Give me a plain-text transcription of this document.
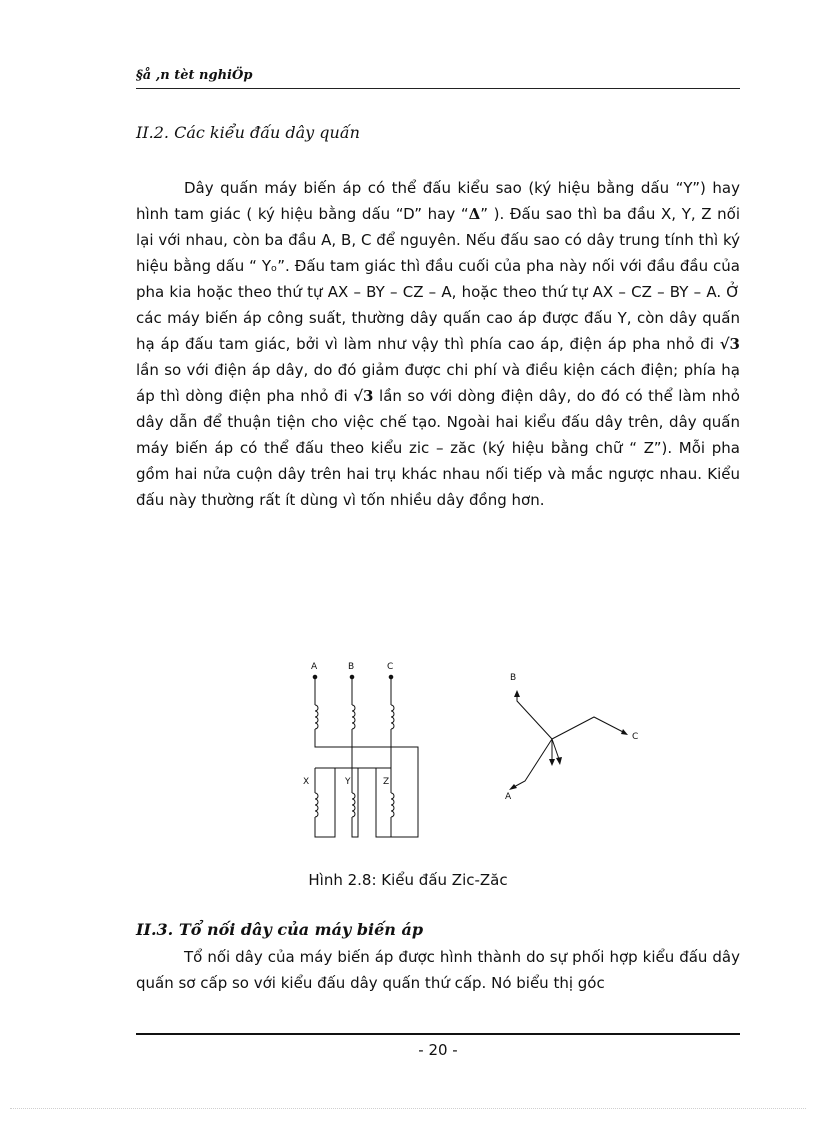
§å ,n tèt nghiÖp
II.2. Các kiểu đấu dây quấn

Dây quấn máy biến áp có thể đấu kiểu sao (ký hiệu bằng dấu “Y”) hay hình tam giác ( ký hiệu bằng dấu “D” hay “Δ” ). Đấu sao thì ba đầu X, Y, Z nối lại với nhau, còn ba đầu A, B, C để nguyên. Nếu đấu sao có dây trung tính thì ký hiệu bằng dấu “ Yₒ”. Đấu tam giác thì đầu cuối của pha này nối với đầu đầu của pha kia hoặc theo thứ tự AX – BY – CZ – A, hoặc theo thứ tự AX – CZ – BY – A. Ở các máy biến áp công suất, thường dây quấn cao áp được đấu Y, còn dây quấn hạ áp đấu tam giác, bởi vì làm như vậy thì phía cao áp, điện áp pha nhỏ đi √3 lần so với điện áp dây, do đó giảm được chi phí và điều kiện cách điện; phía hạ áp thì dòng điện pha nhỏ đi √3 lần so với dòng điện dây, do đó có thể làm nhỏ dây dẫn để thuận tiện cho việc chế tạo. Ngoài hai kiểu đấu dây trên, dây quấn máy biến áp có thể đấu theo kiểu zic – zăc (ký hiệu bằng chữ “ Z”). Mỗi pha gồm hai nửa cuộn dây trên hai trụ khác nhau nối tiếp và mắc ngược nhau. Kiểu đấu này thường rất ít dùng vì tốn nhiều dây đồng hơn.

A	B	C
X	Y	Z
B
C
A
Hình 2.8: Kiểu đấu Zic-Zăc
II.3. Tổ nối dây của máy biến áp

Tổ nối dây của máy biến áp được hình thành do sự phối hợp kiểu đấu dây quấn sơ cấp so với kiểu đấu dây quấn thứ cấp. Nó biểu thị góc

- 20 -
